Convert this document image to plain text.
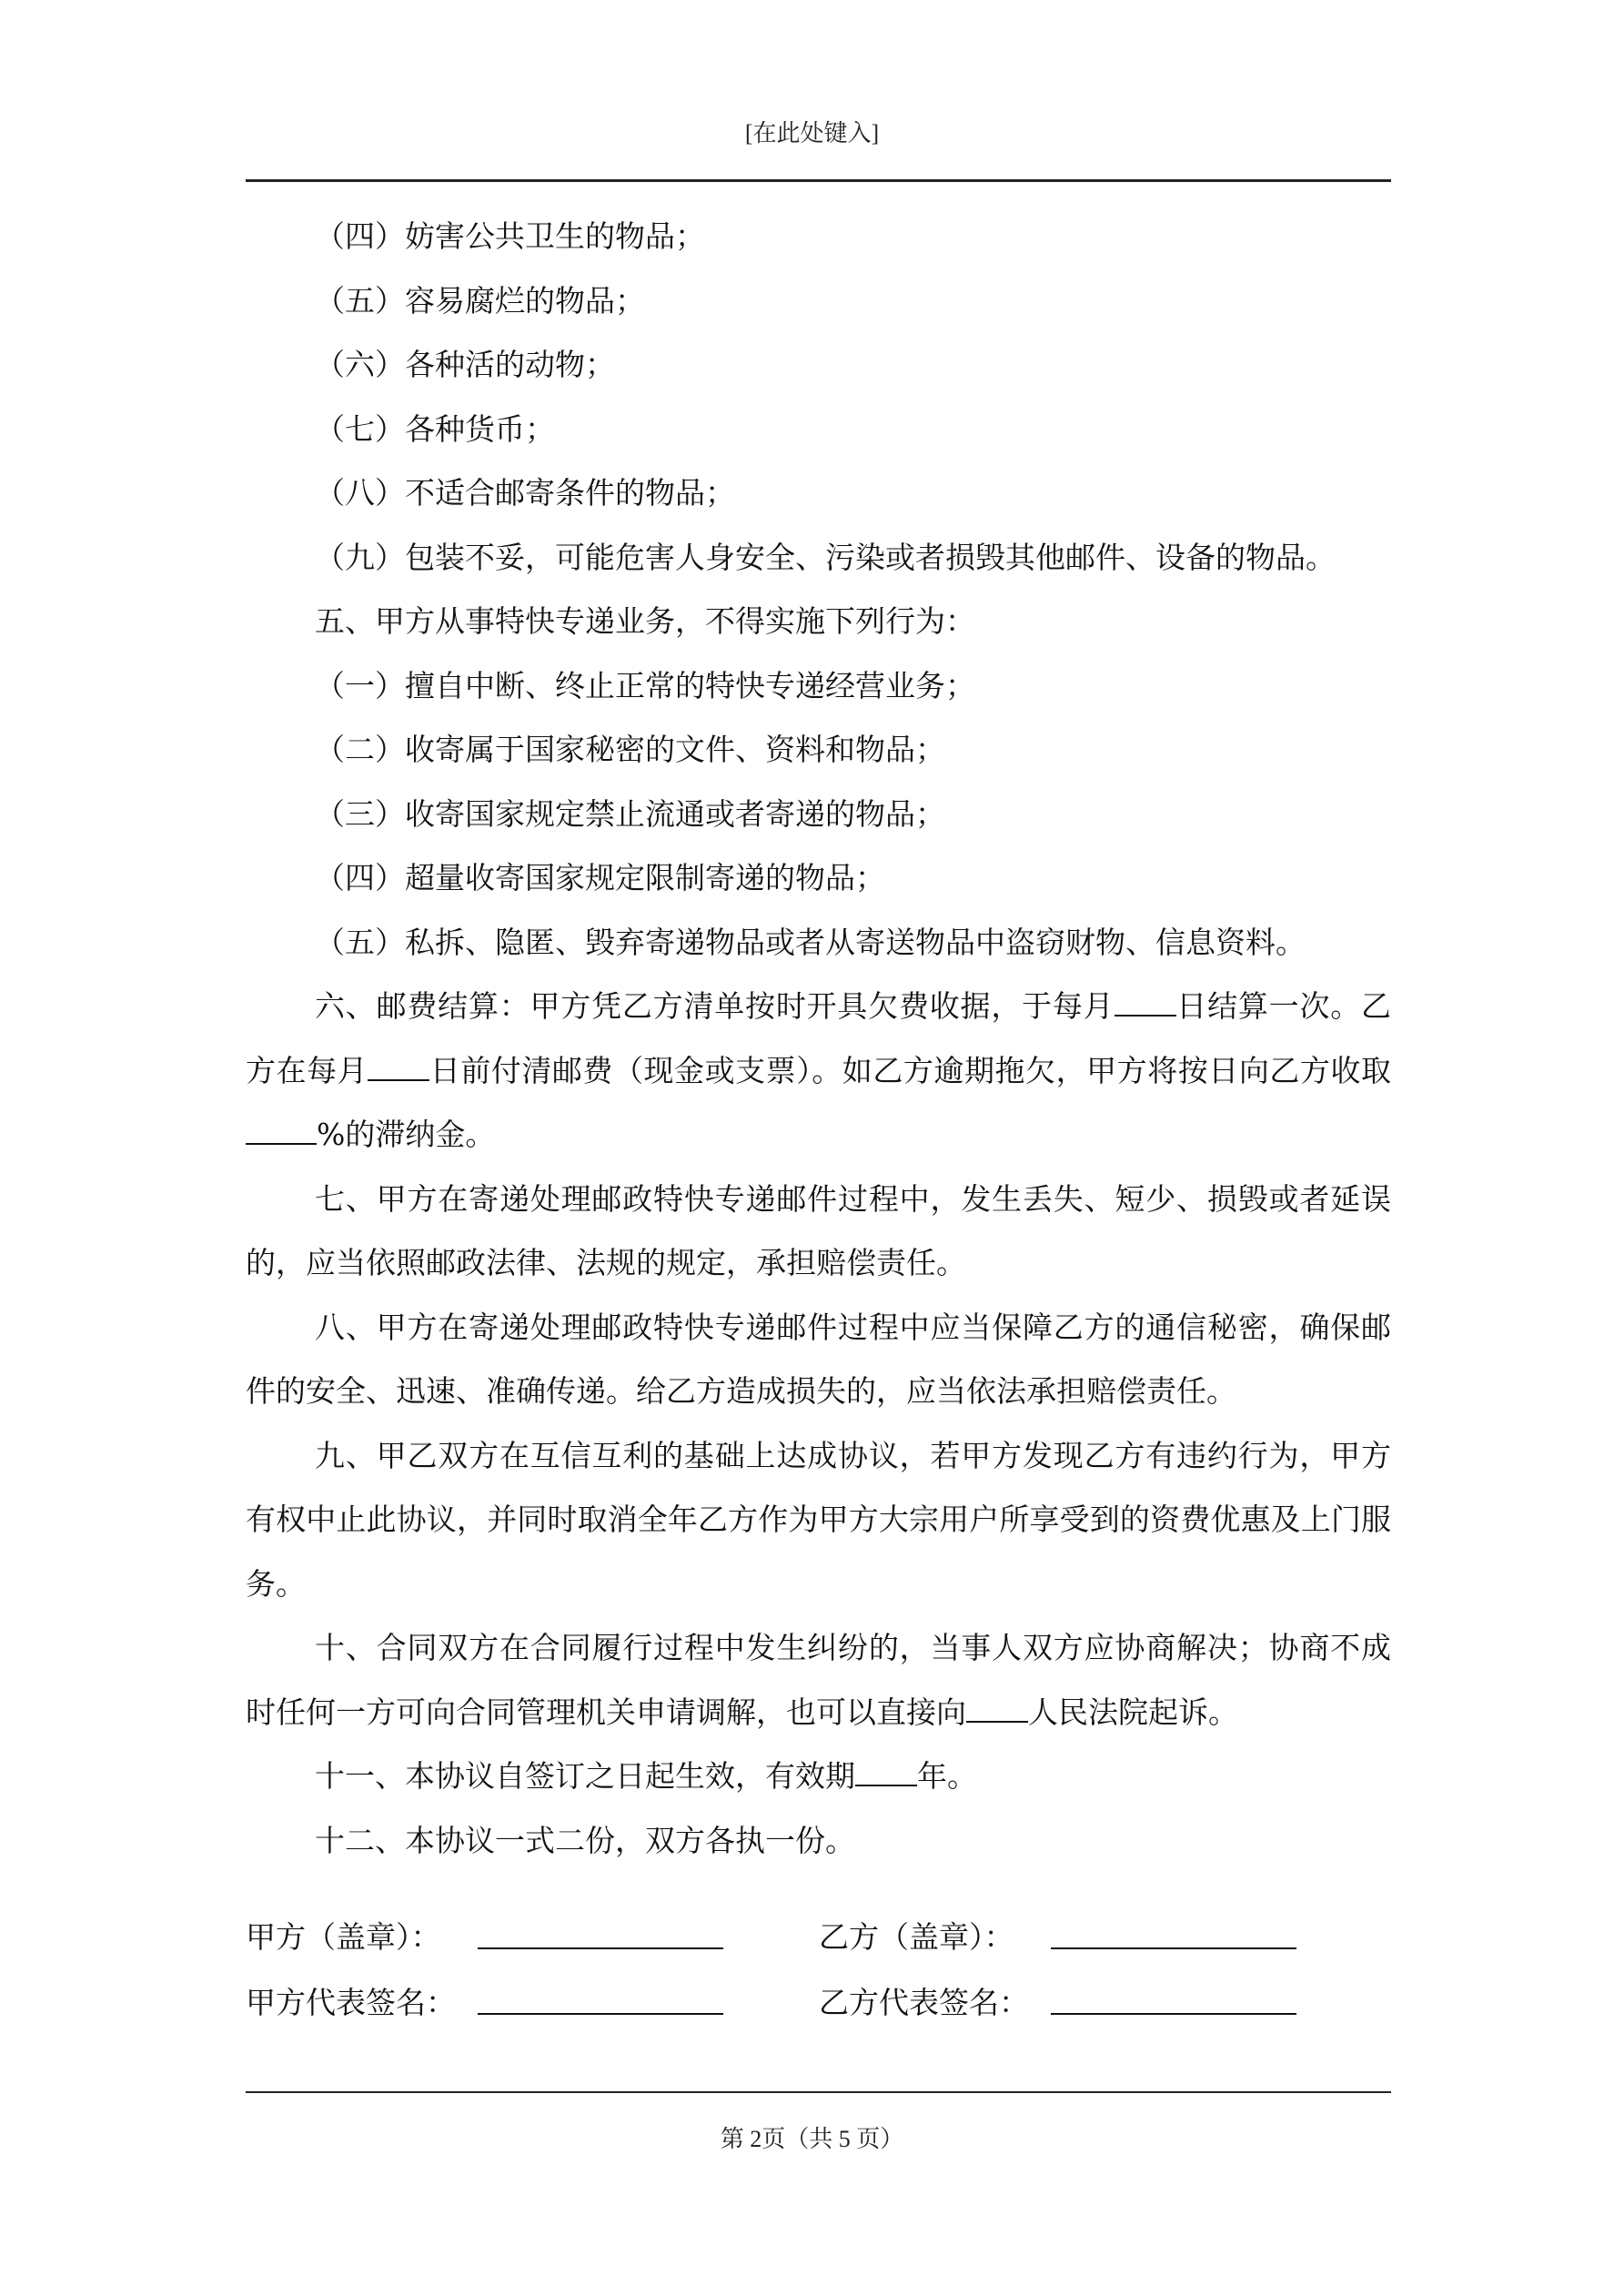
[在此处键入]

（四）妨害公共卫生的物品；

（五）容易腐烂的物品；

（六）各种活的动物；

（七）各种货币；

（八）不适合邮寄条件的物品；

（九）包装不妥，可能危害人身安全、污染或者损毁其他邮件、设备的物品。

五、甲方从事特快专递业务，不得实施下列行为：

（一）擅自中断、终止正常的特快专递经营业务；

（二）收寄属于国家秘密的文件、资料和物品；

（三）收寄国家规定禁止流通或者寄递的物品；

（四）超量收寄国家规定限制寄递的物品；

（五）私拆、隐匿、毁弃寄递物品或者从寄送物品中盗窃财物、信息资料。

六、邮费结算：甲方凭乙方清单按时开具欠费收据，于每月 日结算一次。乙方在每月 日前付清邮费（现金或支票）。如乙方逾期拖欠，甲方将按日向乙方收取%的滞纳金。

七、甲方在寄递处理邮政特快专递邮件过程中，发生丢失、短少、损毁或者延误的，应当依照邮政法律、法规的规定，承担赔偿责任。

八、甲方在寄递处理邮政特快专递邮件过程中应当保障乙方的通信秘密，确保邮件的安全、迅速、准确传递。给乙方造成损失的，应当依法承担赔偿责任。

九、甲乙双方在互信互利的基础上达成协议，若甲方发现乙方有违约行为，甲方有权中止此协议，并同时取消全年乙方作为甲方大宗用户所享受到的资费优惠及上门服务。

十、合同双方在合同履行过程中发生纠纷的，当事人双方应协商解决；协商不成时任何一方可向合同管理机关申请调解，也可以直接向 人民法院起诉。

十一、本协议自签订之日起生效，有效期 年。

十二、本协议一式二份，双方各执一份。

甲方（盖章）：	乙方（盖章）：
甲方代表签名：	乙方代表签名：
第 2页（共 5 页）
